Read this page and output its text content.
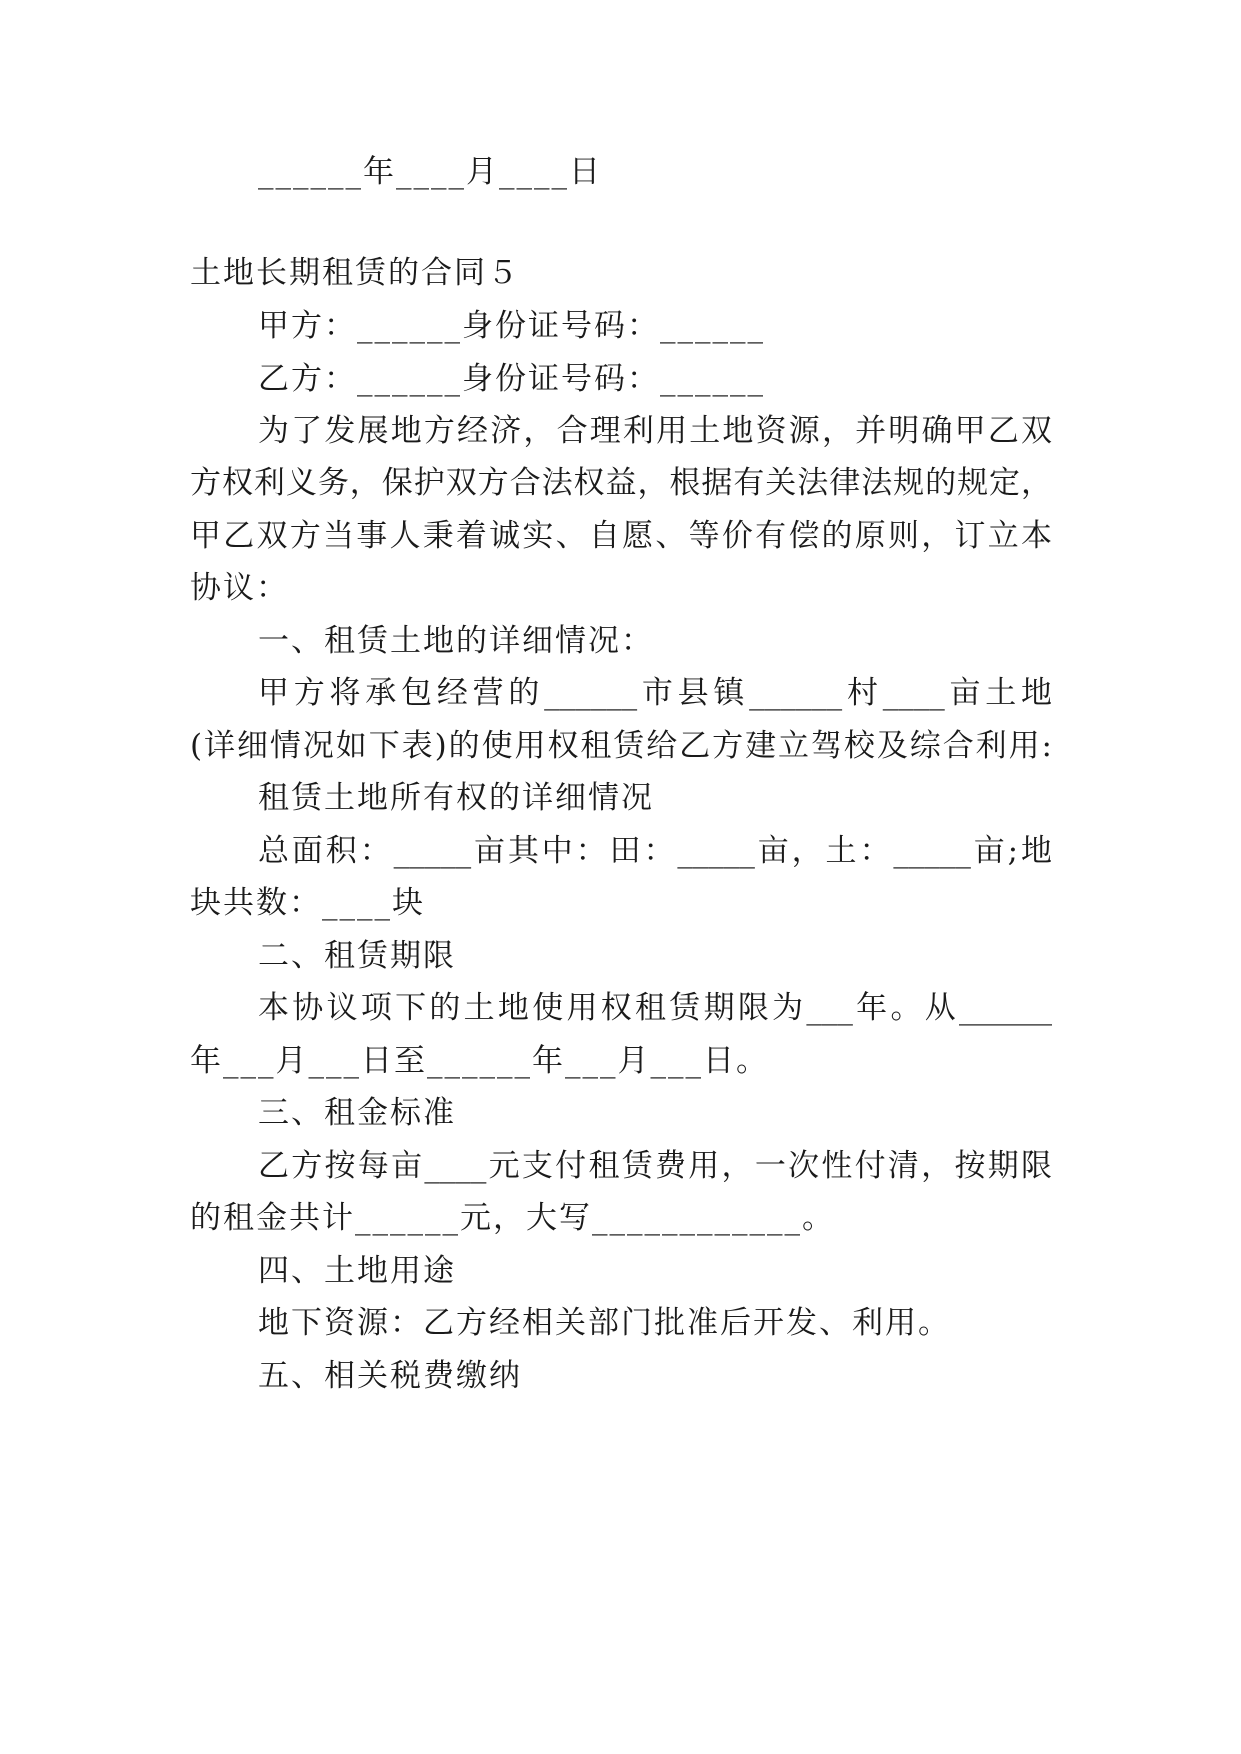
______年____月____日
土地长期租赁的合同５
甲方：______身份证号码：______
乙方：______身份证号码：______
为了发展地方经济，合理利用土地资源，并明确甲乙双
方权利义务，保护双方合法权益，根据有关法律法规的规定，
甲乙双方当事人秉着诚实、自愿、等价有偿的原则，订立本
协议：
一、租赁土地的详细情况：
甲方将承包经营的______市县镇______村____亩土地
(详细情况如下表)的使用权租赁给乙方建立驾校及综合利用:
租赁土地所有权的详细情况
总面积：_____亩其中：田：_____亩，土：_____亩;地
块共数：____块
二、租赁期限
本协议项下的土地使用权租赁期限为___年。从______
年___月___日至______年___月___日。
三、租金标准
乙方按每亩____元支付租赁费用，一次性付清，按期限
的租金共计______元，大写____________。
四、土地用途
地下资源：乙方经相关部门批准后开发、利用。
五、相关税费缴纳
